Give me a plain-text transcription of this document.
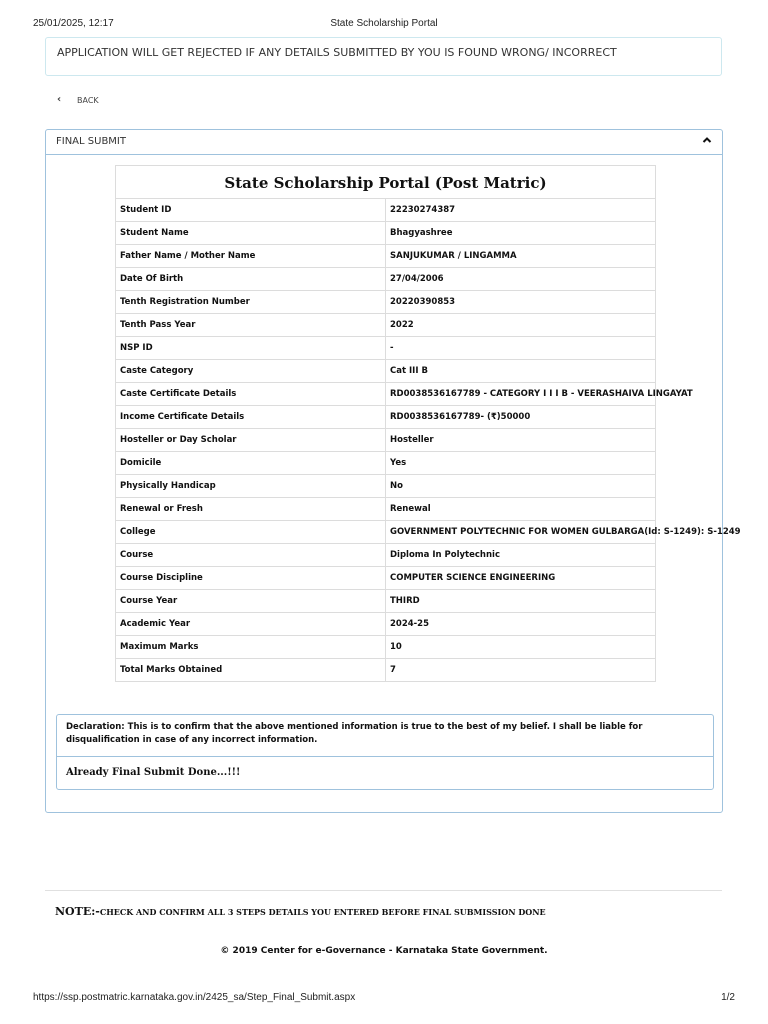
25/01/2025, 12:17	State Scholarship Portal
APPLICATION WILL GET REJECTED IF ANY DETAILS SUBMITTED BY YOU IS FOUND WRONG/ INCORRECT
‹	BACK
FINAL SUBMIT
State Scholarship Portal (Post Matric)	
Student ID	22230274387
Student Name	Bhagyashree
Father Name / Mother Name	SANJUKUMAR / LINGAMMA
Date Of Birth	27/04/2006
Tenth Registration Number	20220390853
Tenth Pass Year	2022
NSP ID	-
Caste Category	Cat III B
Caste Certificate Details	RD0038536167789 - CATEGORY I I I B - VEERASHAIVA LINGAYAT
Income Certificate Details	RD0038536167789- (₹)50000
Hosteller or Day Scholar	Hosteller
Domicile	Yes
Physically Handicap	No
Renewal or Fresh	Renewal
College	GOVERNMENT POLYTECHNIC FOR WOMEN GULBARGA(Id: S-1249): S-1249
Course	Diploma In Polytechnic
Course Discipline	COMPUTER SCIENCE ENGINEERING
Course Year	THIRD
Academic Year	2024-25
Maximum Marks	10
Total Marks Obtained	7
Declaration: This is to confirm that the above mentioned information is true to the best of my belief. I shall be liable for disqualification in case of any incorrect information.
Already Final Submit Done...!!!
NOTE:-CHECK AND CONFIRM ALL 3 STEPS DETAILS YOU ENTERED BEFORE FINAL SUBMISSION DONE
© 2019 Center for e-Governance - Karnataka State Government.
https://ssp.postmatric.karnataka.gov.in/2425_sa/Step_Final_Submit.aspx	1/2
